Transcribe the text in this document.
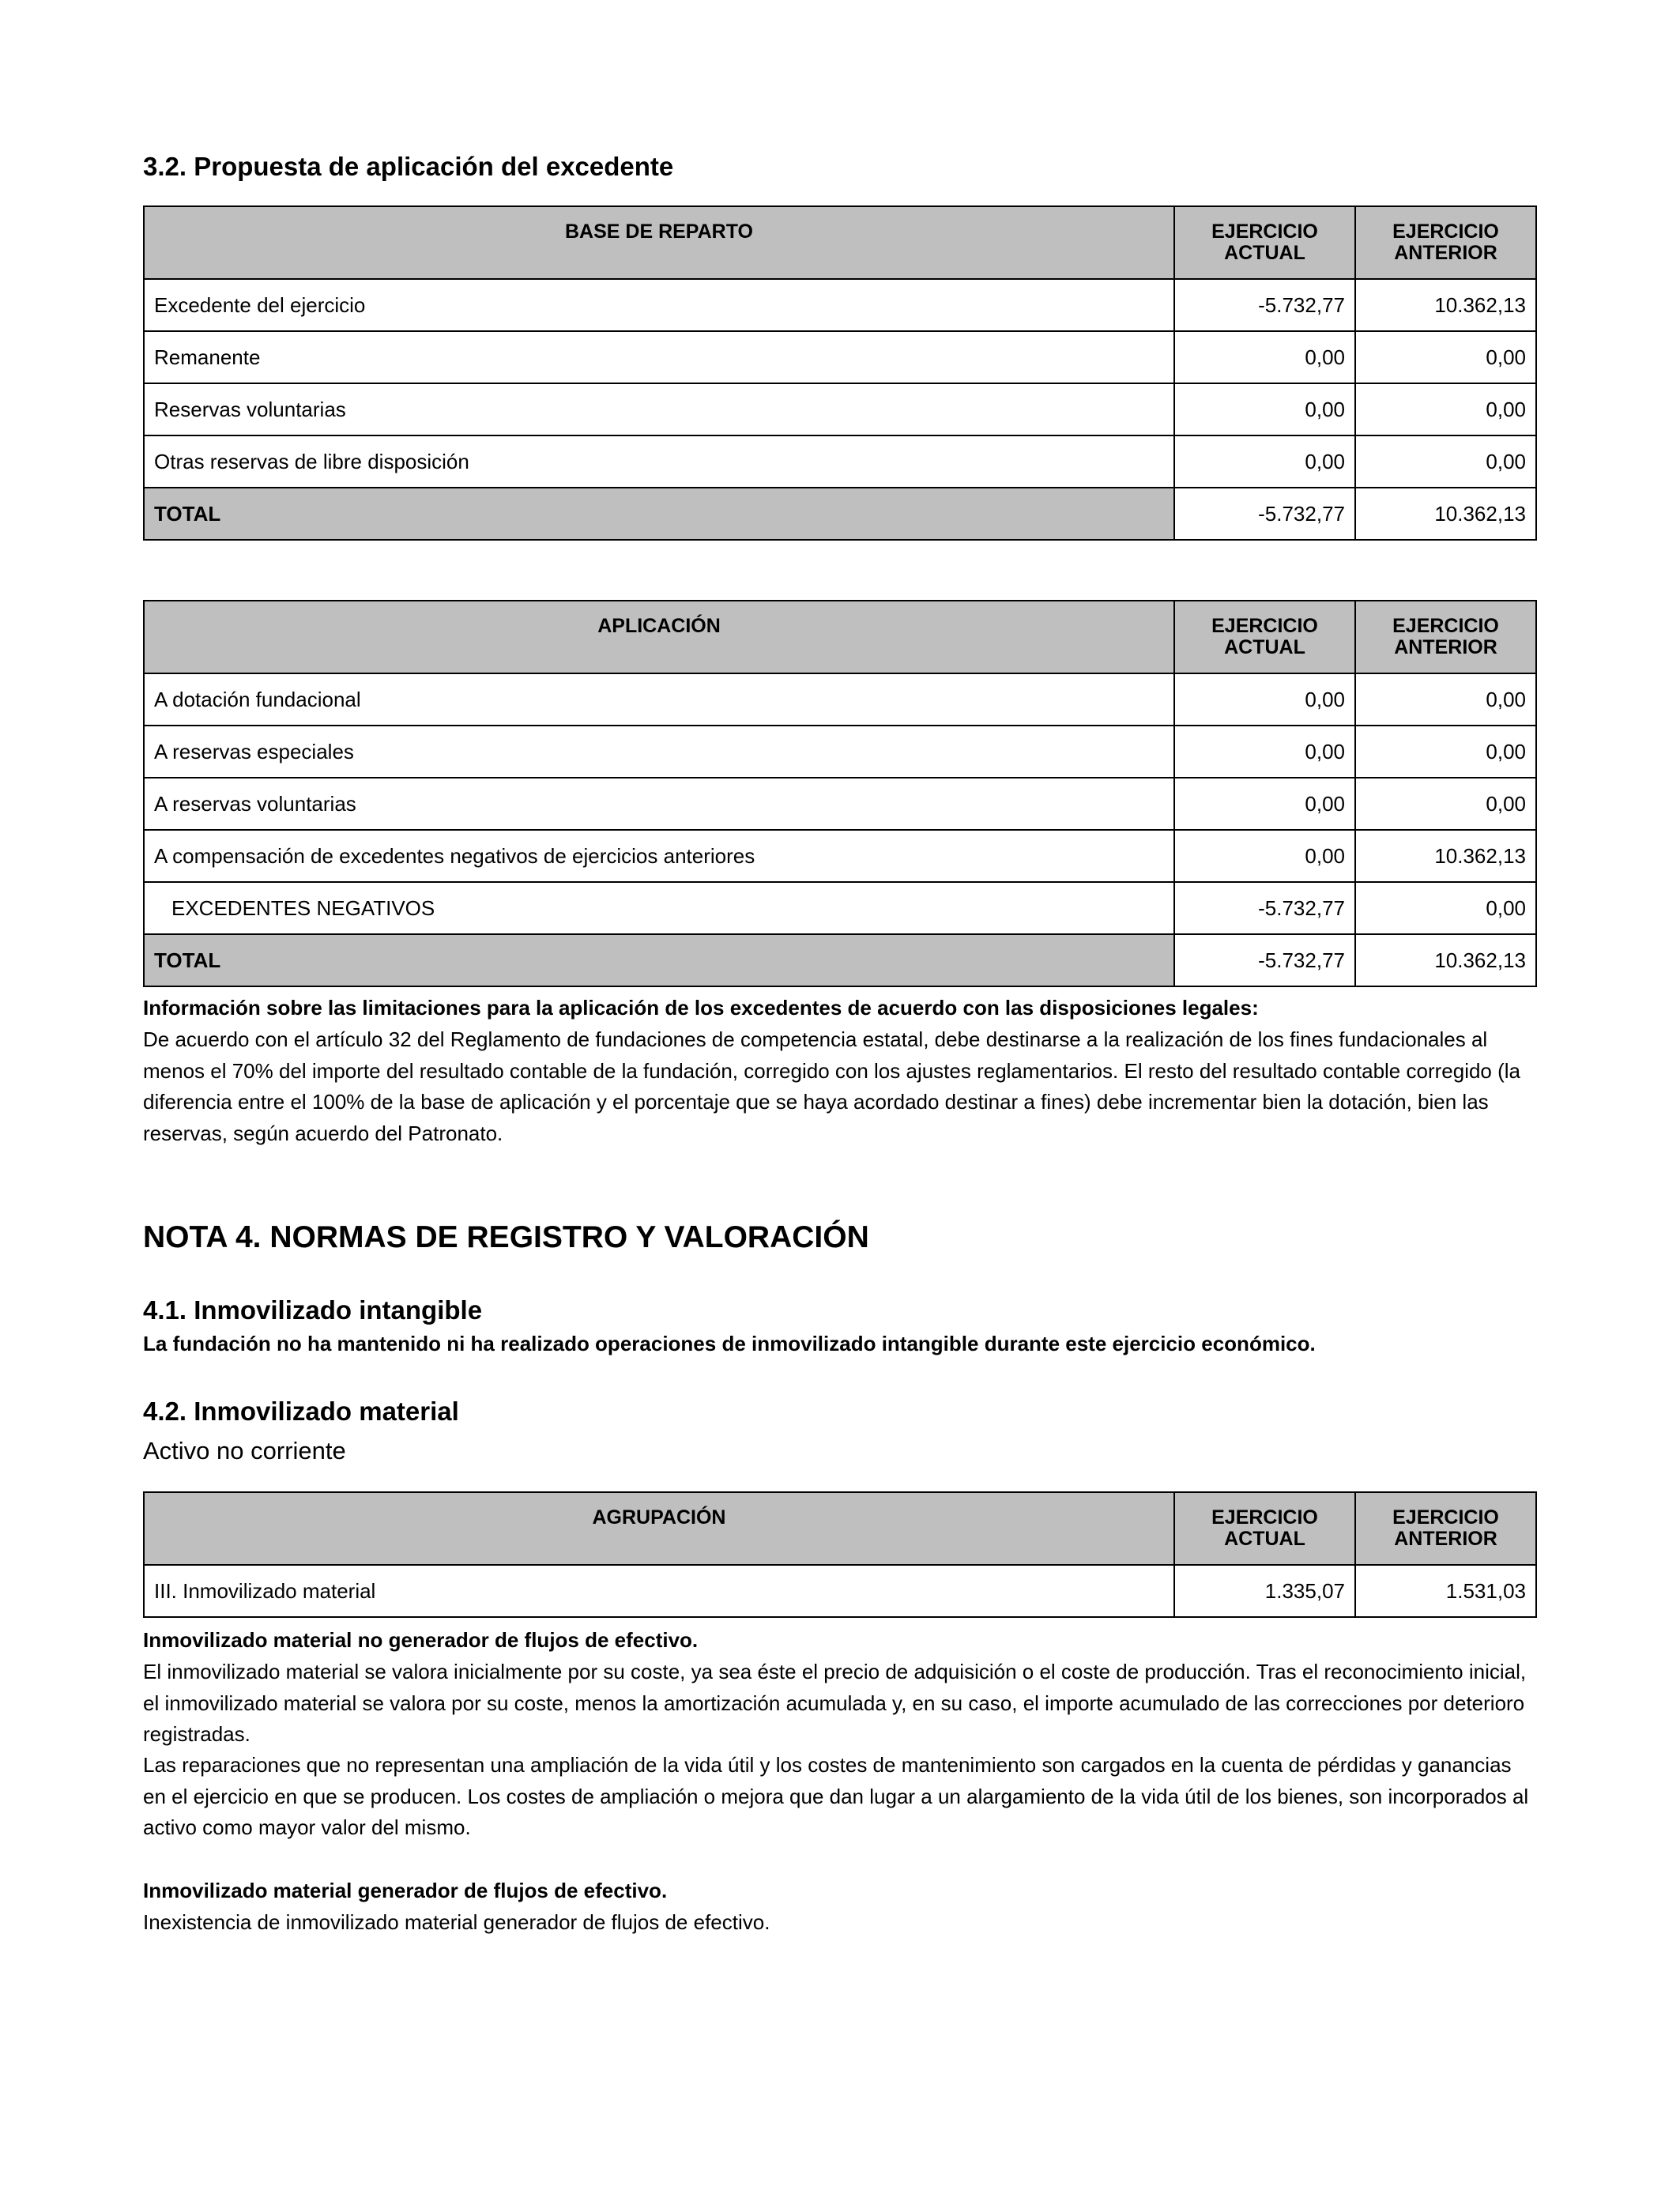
3.2. Propuesta de aplicación del excedente
BASE DE REPARTO	EJERCICIO ACTUAL	EJERCICIO ANTERIOR
Excedente del ejercicio	-5.732,77	10.362,13
Remanente	0,00	0,00
Reservas voluntarias	0,00	0,00
Otras reservas de libre disposición	0,00	0,00
TOTAL	-5.732,77	10.362,13
APLICACIÓN	EJERCICIO ACTUAL	EJERCICIO ANTERIOR
A dotación fundacional	0,00	0,00
A reservas especiales	0,00	0,00
A reservas voluntarias	0,00	0,00
A compensación de excedentes negativos de ejercicios anteriores	0,00	10.362,13
EXCEDENTES NEGATIVOS	-5.732,77	0,00
TOTAL	-5.732,77	10.362,13

Información sobre las limitaciones para la aplicación de los excedentes de acuerdo con las disposiciones legales:

De acuerdo con el artículo 32 del Reglamento de fundaciones de competencia estatal, debe destinarse a la realización de los fines fundacionales al menos el 70% del importe del resultado contable de la fundación, corregido con los ajustes reglamentarios. El resto del resultado contable corregido (la diferencia entre el 100% de la base de aplicación y el porcentaje que se haya acordado destinar a fines) debe incrementar bien la dotación, bien las reservas, según acuerdo del Patronato.

NOTA 4. NORMAS DE REGISTRO Y VALORACIÓN
4.1. Inmovilizado intangible

La fundación no ha mantenido ni ha realizado operaciones de inmovilizado intangible durante este ejercicio económico.

4.2. Inmovilizado material

Activo no corriente

AGRUPACIÓN	EJERCICIO ACTUAL	EJERCICIO ANTERIOR
III. Inmovilizado material	1.335,07	1.531,03

Inmovilizado material no generador de flujos de efectivo.

El inmovilizado material se valora inicialmente por su coste, ya sea éste el precio de adquisición o el coste de producción. Tras el reconocimiento inicial, el inmovilizado material se valora por su coste, menos la amortización acumulada y, en su caso, el importe acumulado de las correcciones por deterioro registradas.

Las reparaciones que no representan una ampliación de la vida útil y los costes de mantenimiento son cargados en la cuenta de pérdidas y ganancias en el ejercicio en que se producen. Los costes de ampliación o mejora que dan lugar a un alargamiento de la vida útil de los bienes, son incorporados al activo como mayor valor del mismo.

Inmovilizado material generador de flujos de efectivo.

Inexistencia de inmovilizado material generador de flujos de efectivo.
